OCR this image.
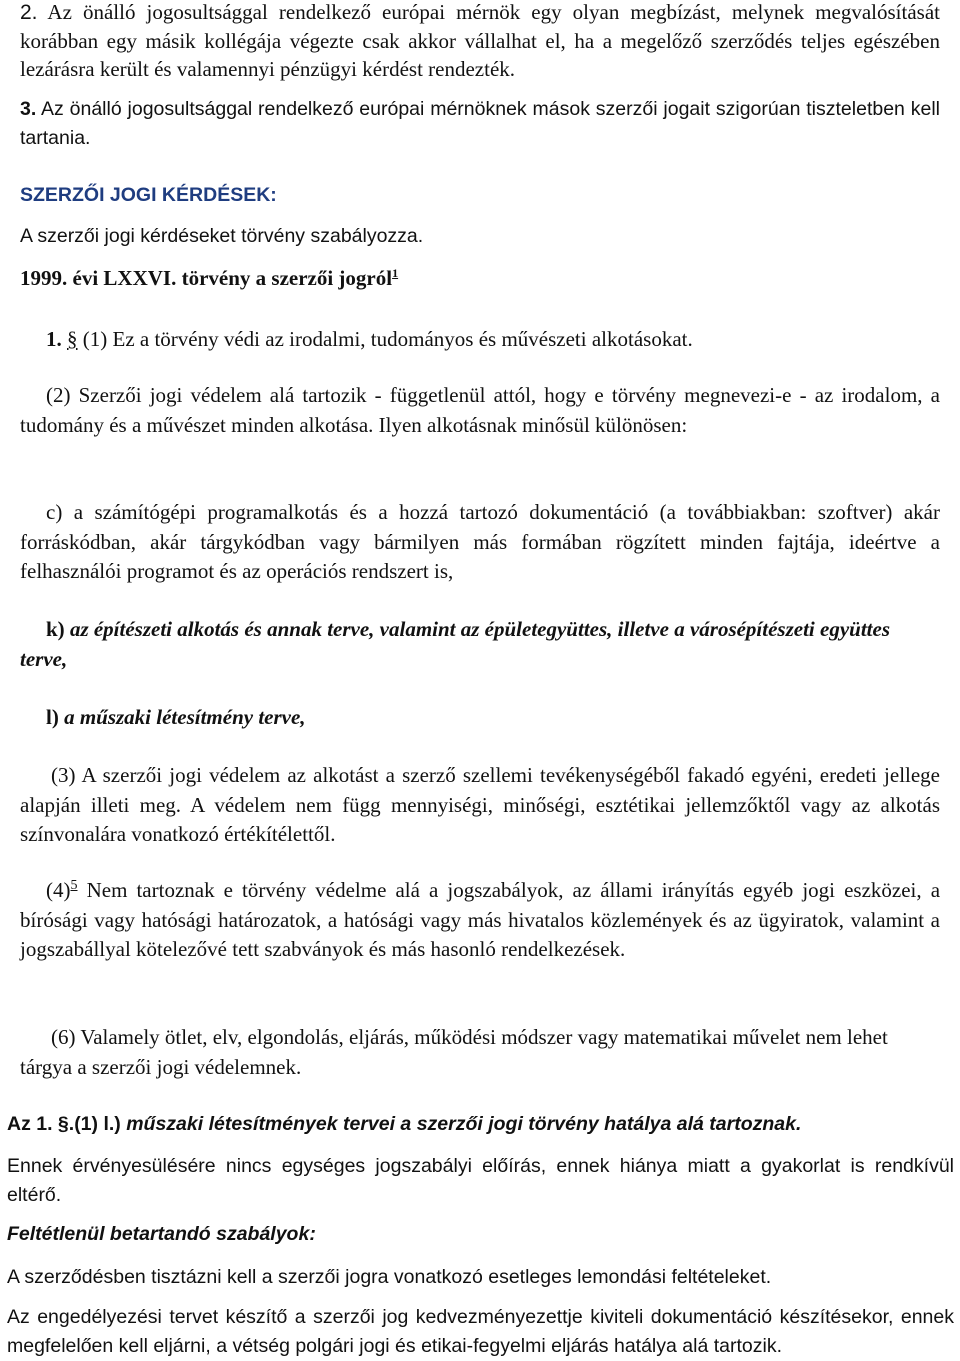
2. Az önálló jogosultsággal rendelkező európai mérnök egy olyan megbízást, melynek megvalósítását korábban egy másik kollégája végezte csak akkor vállalhat el, ha a megelőző szerződés teljes egészében lezárásra került és valamennyi pénzügyi kérdést rendezték.

3. Az önálló jogosultsággal rendelkező európai mérnöknek mások szerzői jogait szigorúan tiszteletben kell tartania.

SZERZŐI JOGI KÉRDÉSEK:

A szerzői jogi kérdéseket törvény szabályozza.

1999. évi LXXVI. törvény a szerzői jogról$^1$

1. § (1) Ez a törvény védi az irodalmi, tudományos és művészeti alkotásokat.

(2) Szerzői jogi védelem alá tartozik - függetlenül attól, hogy e törvény megnevezi-e - az irodalom, a tudomány és a művészet minden alkotása. Ilyen alkotásnak minősül különösen:

c) a számítógépi programalkotás és a hozzá tartozó dokumentáció (a továbbiakban: szoftver) akár forráskódban, akár tárgykódban vagy bármilyen más formában rögzített minden fajtája, ideértve a felhasználói programot és az operációs rendszert is,

k) az építészeti alkotás és annak terve, valamint az épületegyüttes, illetve a városépítészeti együttes terve,

l) a műszaki létesítmény terve,

(3) A szerzői jogi védelem az alkotást a szerző szellemi tevékenységéből fakadó egyéni, eredeti jellege alapján illeti meg. A védelem nem függ mennyiségi, minőségi, esztétikai jellemzőktől vagy az alkotás színvonalára vonatkozó értékítélettől.

$(4)^5$ Nem tartoznak e törvény védelme alá a jogszabályok, az állami irányítás egyéb jogi eszközei, a bírósági vagy hatósági határozatok, a hatósági vagy más hivatalos közlemények és az ügyiratok, valamint a jogszabállyal kötelezővé tett szabványok és más hasonló rendelkezések.

(6) Valamely ötlet, elv, elgondolás, eljárás, működési módszer vagy matematikai művelet nem lehet tárgya a szerzői jogi védelemnek.

Az 1. §.(1) l.) műszaki létesítmények tervei a szerzői jogi törvény hatálya alá tartoznak.

Ennek érvényesülésére nincs egységes jogszabályi előírás, ennek hiánya miatt a gyakorlat is rendkívül eltérő.

Feltétlenül betartandó szabályok:

A szerződésben tisztázni kell a szerzői jogra vonatkozó esetleges lemondási feltételeket.

Az engedélyezési tervet készítő a szerzői jog kedvezményezettje kiviteli dokumentáció készítésekor, ennek megfelelően kell eljárni, a vétség polgári jogi és etikai-fegyelmi eljárás hatálya alá tartozik.
